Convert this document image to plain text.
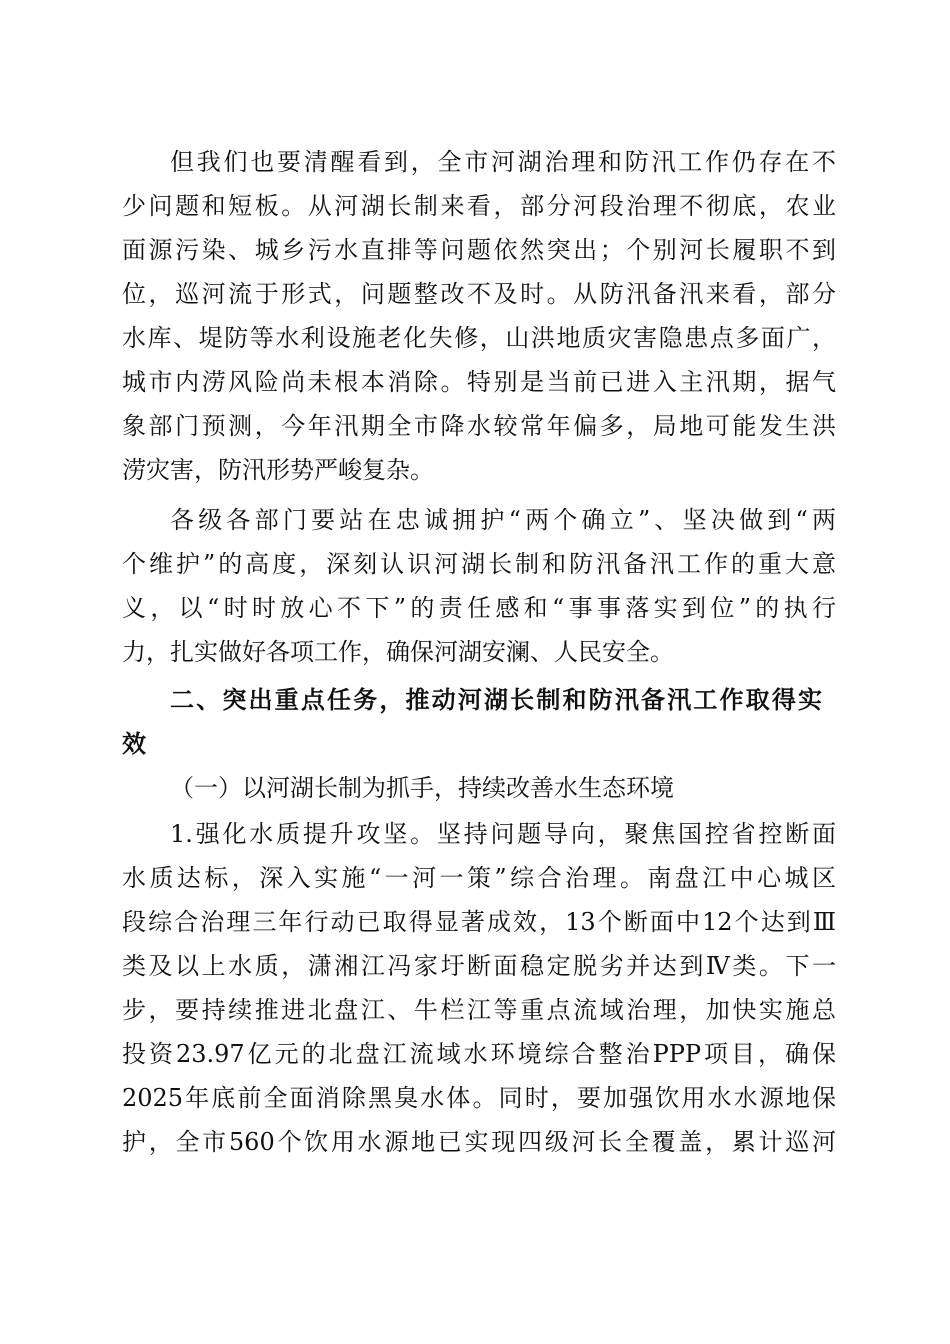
但我们也要清醒看到，全市河湖治理和防汛工作仍存在不
少问题和短板。从河湖长制来看，部分河段治理不彻底，农业
面源污染、城乡污水直排等问题依然突出；个别河长履职不到
位，巡河流于形式，问题整改不及时。从防汛备汛来看，部分
水库、堤防等水利设施老化失修，山洪地质灾害隐患点多面广，
城市内涝风险尚未根本消除。特别是当前已进入主汛期，据气
象部门预测，今年汛期全市降水较常年偏多，局地可能发生洪
涝灾害，防汛形势严峻复杂。
各级各部门要站在忠诚拥护“两个确立”、坚决做到“两
个维护”的高度，深刻认识河湖长制和防汛备汛工作的重大意
义，以“时时放心不下”的责任感和“事事落实到位”的执行
力，扎实做好各项工作，确保河湖安澜、人民安全。
二、突出重点任务，推动河湖长制和防汛备汛工作取得实
效
（一）以河湖长制为抓手，持续改善水生态环境
1.强化水质提升攻坚。坚持问题导向，聚焦国控省控断面
水质达标，深入实施“一河一策”综合治理。南盘江中心城区
段综合治理三年行动已取得显著成效，13个断面中12个达到Ⅲ
类及以上水质，潇湘江冯家圩断面稳定脱劣并达到Ⅳ类。下一
步，要持续推进北盘江、牛栏江等重点流域治理，加快实施总
投资23.97亿元的北盘江流域水环境综合整治PPP项目，确保
2025年底前全面消除黑臭水体。同时，要加强饮用水水源地保
护，全市560个饮用水源地已实现四级河长全覆盖，累计巡河
